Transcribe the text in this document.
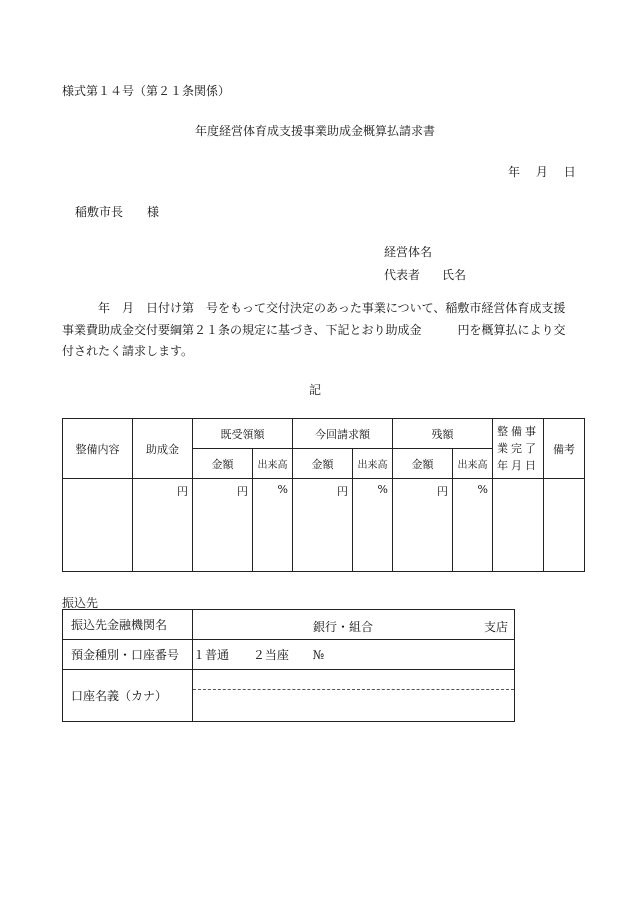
様式第１４号（第２１条関係）
年度経営体育成支援事業助成金概算払請求書
年 月 日
稲敷市長 様
経営体名
代表者 氏名
年　月　日付け第　号をもって交付決定のあった事業について、稲敷市経営体育成支援事業費助成金交付要綱第２１条の規定に基づき、下記とおり助成金　　　円を概算払により交付されたく請求します。
記
整備内容	助成金	既受領額		今回請求額		残額		整備事業完了年月日	備考
		金額	出来高	金額	出来高	金額	出来高		
	円	円	%	円	%	円	%		
振込先
振込先金融機関名	銀行・組合 支店

預金種別・口座番号	１普通 ２当座 №
口座名義（カナ）	
